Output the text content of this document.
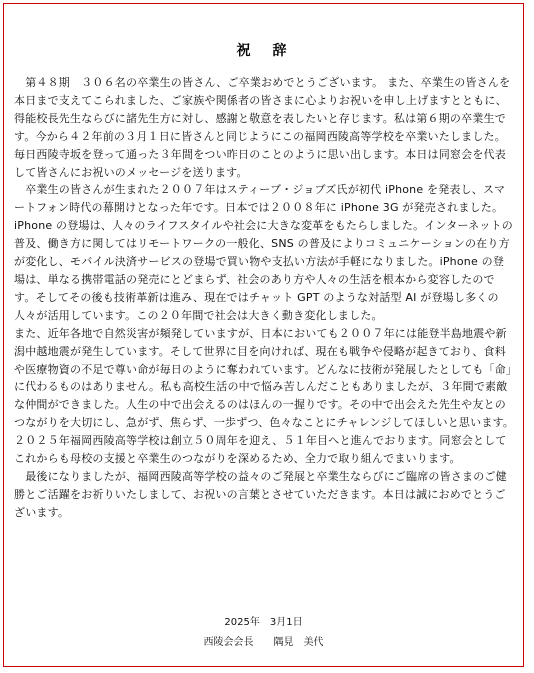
祝　辞

　第４８期　３０６名の卒業生の皆さん、ご卒業おめでとうございます。 また、卒業生の皆さんを本日まで支えてこられました、ご家族や関係者の皆さまに心よりお祝いを申し上げますとともに、得能校長先生ならびに諸先生方に対し、感謝と敬意を表したいと存じます。私は第６期の卒業生です。今から４２年前の３月１日に皆さんと同じようにこの福岡西陵高等学校を卒業いたしました。毎日西陵寺坂を登って通った３年間をつい昨日のことのように思い出します。本日は同窓会を代表して皆さんにお祝いのメッセージを送ります。

　卒業生の皆さんが生まれた２００７年はスティーブ・ジョブズ氏が初代 iPhone を発表し、スマートフォン時代の幕開けとなった年です。日本では２００８年に iPhone 3G が発売されました。iPhone の登場は、人々のライフスタイルや社会に大きな変革をもたらしました。インターネットの普及、働き方に関してはリモートワークの一般化、SNS の普及によりコミュニケーションの在り方が変化し、モバイル決済サービスの登場で買い物や支払い方法が手軽になりました。iPhone の登場は、単なる携帯電話の発売にとどまらず、社会のあり方や人々の生活を根本から変容したのです。そしてその後も技術革新は進み、現在ではチャット GPT のような対話型 AI が登場し多くの人々が活用しています。この２０年間で社会は大きく動き変化しました。

また、近年各地で自然災害が頻発していますが、日本においても２００７年には能登半島地震や新潟中越地震が発生しています。そして世界に目を向ければ、現在も戦争や侵略が起きており、食料や医療物資の不足で尊い命が毎日のように奪われています。どんなに技術が発展したとしても「命」に代わるものはありません。私も高校生活の中で悩み苦しんだこともありましたが、３年間で素敵な仲間ができました。人生の中で出会えるのはほんの一握りです。その中で出会えた先生や友とのつながりを大切にし、急がず、焦らず、一歩ずつ、色々なことにチャレンジしてほしいと思います。

２０２５年福岡西陵高等学校は創立５０周年を迎え、５１年目へと進んでおります。同窓会としてこれからも母校の支援と卒業生のつながりを深めるため、全力で取り組んでまいります。

　最後になりましたが、福岡西陵高等学校の益々のご発展と卒業生ならびにご臨席の皆さまのご健勝とご活躍をお祈りいたしまして、お祝いの言葉とさせていただきます。本日は誠におめでとうございます。

2025年　3月1日
西陵会会長　　隅見　美代
